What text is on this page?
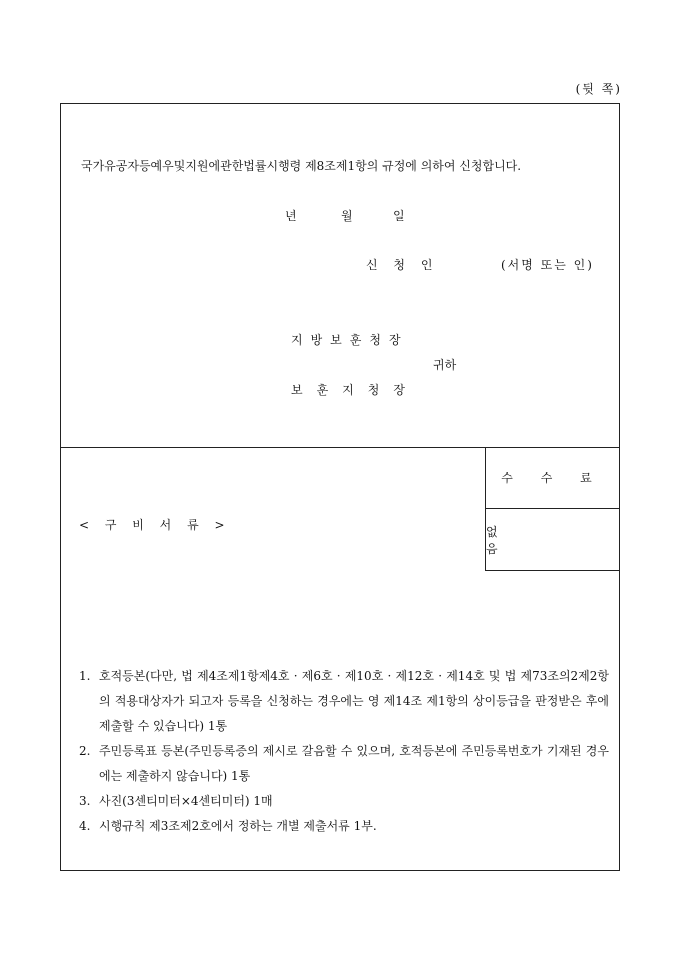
(뒷 쪽)
국가유공자등예우및지원에관한법률시행령 제8조제1항의 규정에 의하여 신청합니다.
년	월	일
신 청 인	(서명 또는 인)
지방보훈청장
귀하
보훈지청장
수 수 료
없 음
< 구 비 서 류 >
1. 호적등본(다만, 법 제4조제1항제4호 · 제6호 · 제10호 · 제12호 · 제14호 및 법 제73조의2제2항의 적용대상자가 되고자 등록을 신청하는 경우에는 영 제14조 제1항의 상이등급을 판정받은 후에 제출할 수 있습니다) 1통
2. 주민등록표 등본(주민등록증의 제시로 갈음할 수 있으며, 호적등본에 주민등록번호가 기재된 경우에는 제출하지 않습니다) 1통
3. 사진(3센티미터×4센티미터) 1매
4. 시행규칙 제3조제2호에서 정하는 개별 제출서류 1부.
